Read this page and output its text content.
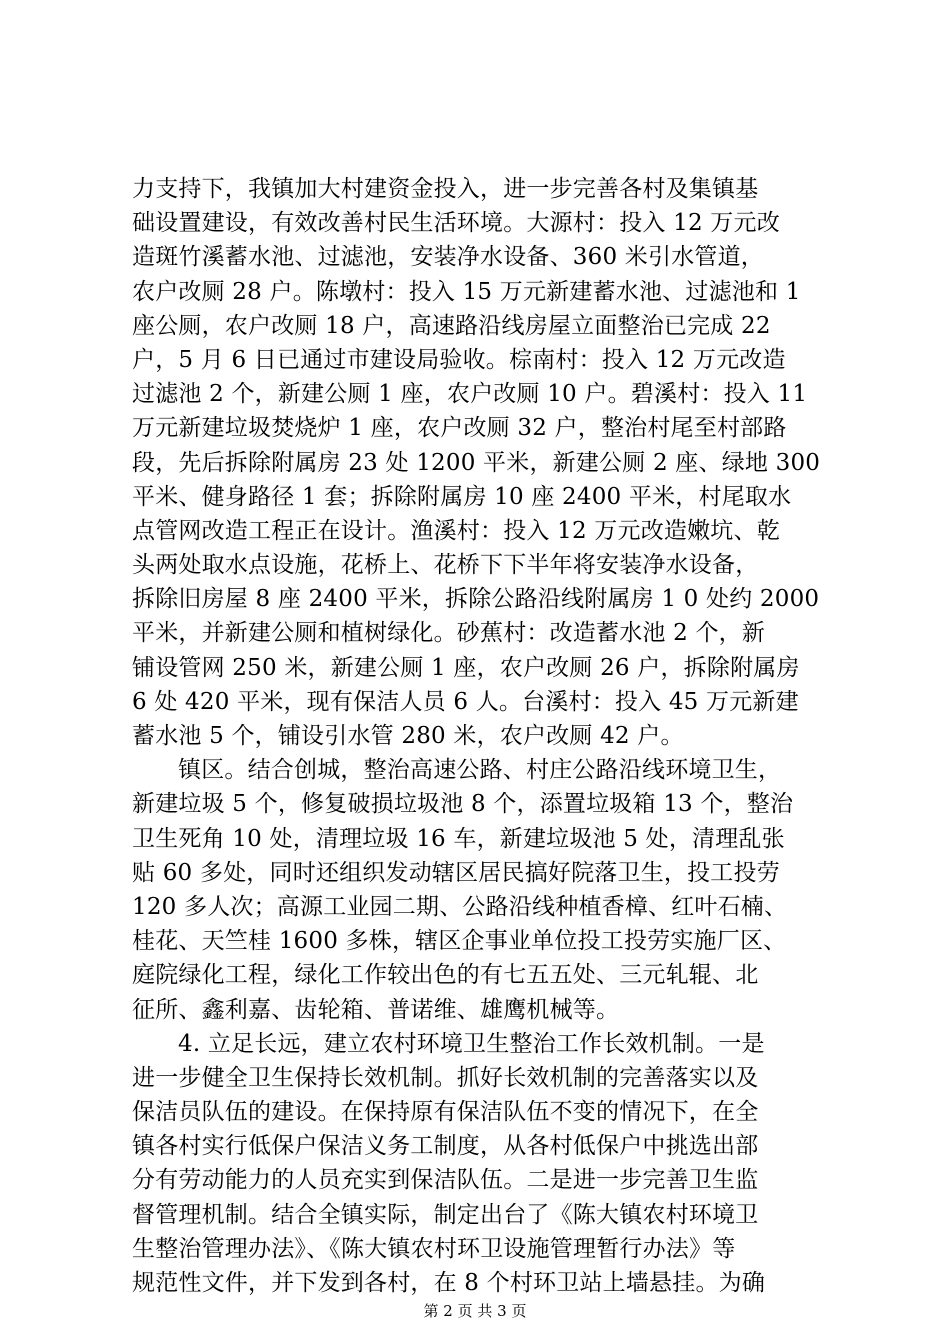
力支持下，我镇加大村建资金投入，进一步完善各村及集镇基
础设置建设，有效改善村民生活环境。大源村：投入 12 万元改
造斑竹溪蓄水池、过滤池，安装净水设备、360 米引水管道，
农户改厕 28 户。陈墩村：投入 15 万元新建蓄水池、过滤池和 1
座公厕，农户改厕 18 户，高速路沿线房屋立面整治已完成 22
户，5 月 6 日已通过市建设局验收。棕南村：投入 12 万元改造
过滤池 2 个，新建公厕 1 座，农户改厕 10 户。碧溪村：投入 11
万元新建垃圾焚烧炉 1 座，农户改厕 32 户，整治村尾至村部路
段，先后拆除附属房 23 处 1200 平米，新建公厕 2 座、绿地 300
平米、健身路径 1 套；拆除附属房 10 座 2400 平米，村尾取水
点管网改造工程正在设计。渔溪村：投入 12 万元改造嫩坑、乾
头两处取水点设施，花桥上、花桥下下半年将安装净水设备，
拆除旧房屋 8 座 2400 平米，拆除公路沿线附属房 1 0 处约 2000
平米，并新建公厕和植树绿化。砂蕉村：改造蓄水池 2 个，新
铺设管网 250 米，新建公厕 1 座，农户改厕 26 户，拆除附属房
6 处 420 平米，现有保洁人员 6 人。台溪村：投入 45 万元新建
蓄水池 5 个，铺设引水管 280 米，农户改厕 42 户。
镇区。结合创城，整治高速公路、村庄公路沿线环境卫生，
新建垃圾 5 个，修复破损垃圾池 8 个，添置垃圾箱 13 个，整治
卫生死角 10 处，清理垃圾 16 车，新建垃圾池 5 处，清理乱张
贴 60 多处，同时还组织发动辖区居民搞好院落卫生，投工投劳
120 多人次；高源工业园二期、公路沿线种植香樟、红叶石楠、
桂花、天竺桂 1600 多株，辖区企事业单位投工投劳实施厂区、
庭院绿化工程，绿化工作较出色的有七五五处、三元轧辊、北
征所、鑫利嘉、齿轮箱、普诺维、雄鹰机械等。
4. 立足长远，建立农村环境卫生整治工作长效机制。一是
进一步健全卫生保持长效机制。抓好长效机制的完善落实以及
保洁员队伍的建设。在保持原有保洁队伍不变的情况下，在全
镇各村实行低保户保洁义务工制度，从各村低保户中挑选出部
分有劳动能力的人员充实到保洁队伍。二是进一步完善卫生监
督管理机制。结合全镇实际，制定出台了《陈大镇农村环境卫
生整治管理办法》、《陈大镇农村环卫设施管理暂行办法》等
规范性文件，并下发到各村，在 8 个村环卫站上墙悬挂。为确
第 2 页 共 3 页
